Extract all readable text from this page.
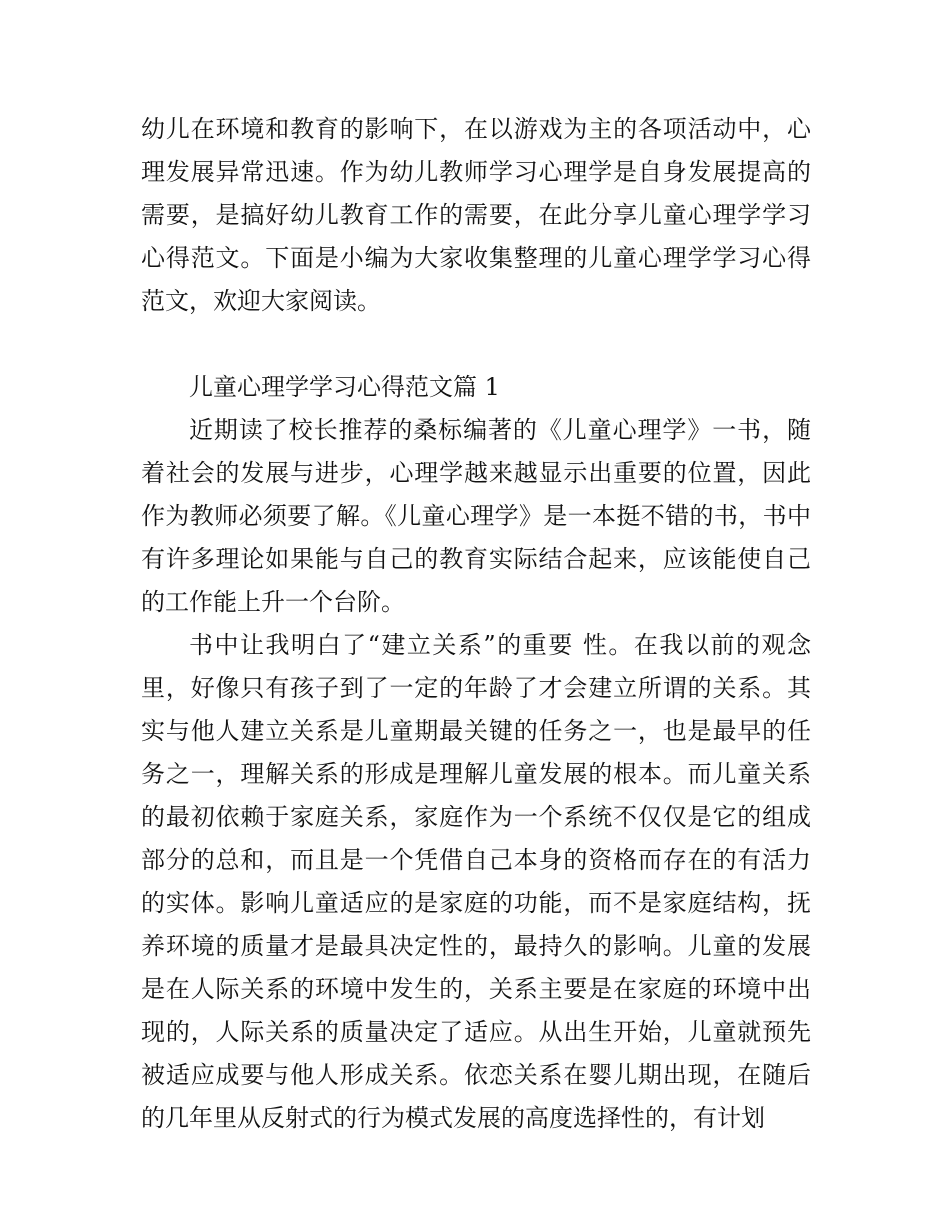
幼儿在环境和教育的影响下，在以游戏为主的各项活动中，心理发展异常迅速。作为幼儿教师学习心理学是自身发展提高的需要，是搞好幼儿教育工作的需要，在此分享儿童心理学学习心得范文。下面是小编为大家收集整理的儿童心理学学习心得范文，欢迎大家阅读。

儿童心理学学习心得范文篇 1

近期读了校长推荐的桑标编著的《儿童心理学》一书，随着社会的发展与进步，心理学越来越显示出重要的位置，因此作为教师必须要了解。《儿童心理学》是一本挺不错的书，书中有许多理论如果能与自己的教育实际结合起来，应该能使自己的工作能上升一个台阶。

书中让我明白了“建立关系”的重要 性。在我以前的观念里，好像只有孩子到了一定的年龄了才会建立所谓的关系。其实与他人建立关系是儿童期最关键的任务之一，也是最早的任务之一，理解关系的形成是理解儿童发展的根本。而儿童关系的最初依赖于家庭关系，家庭作为一个系统不仅仅是它的组成部分的总和，而且是一个凭借自己本身的资格而存在的有活力的实体。影响儿童适应的是家庭的功能，而不是家庭结构，抚养环境的质量才是最具决定性的，最持久的影响。儿童的发展是在人际关系的环境中发生的，关系主要是在家庭的环境中出现的，人际关系的质量决定了适应。从出生开始，儿童就预先被适应成要与他人形成关系。依恋关系在婴儿期出现，在随后的几年里从反射式的行为模式发展的高度选择性的，有计划
